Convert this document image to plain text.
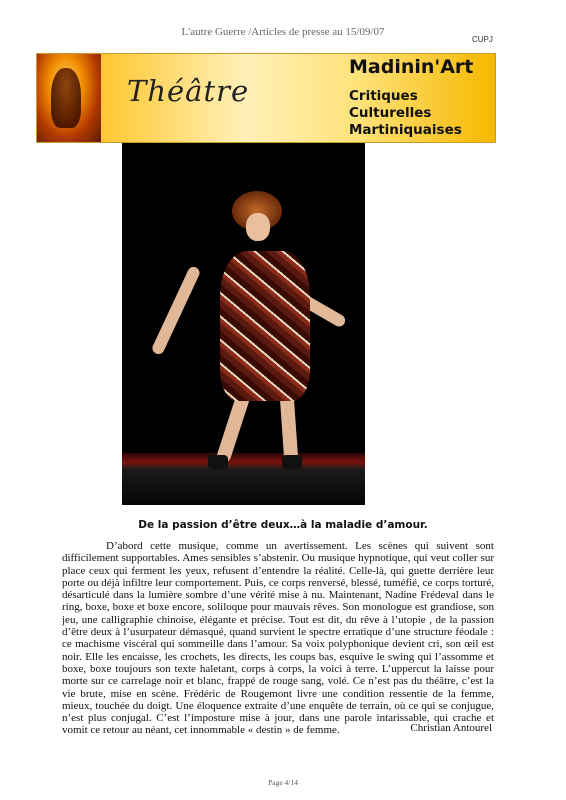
L'autre Guerre /Articles de presse au 15/09/07
CUPJ
Théâtre
Madinin'Art
Critiques
Culturelles
Martiniquaises
De la passion d’être deux…à la maladie d’amour.

D’abord cette musique, comme un avertissement. Les scènes qui suivent sont difficilement supportables. Ames sensibles s’abstenir. Ou musique hypnotique, qui veut coller sur place ceux qui ferment les yeux, refusent d’entendre la réalité. Celle-là, qui guette derrière leur porte ou déjà infiltre leur comportement. Puis, ce corps renversé, blessé, tuméfié, ce corps torturé, désarticulé dans la lumière sombre d’une vérité mise à nu. Maintenant, Nadine Frédeval dans le ring, boxe, boxe et boxe encore, soliloque pour mauvais rêves. Son monologue est grandiose, son jeu, une calligraphie chinoise, élégante et précise. Tout est dit, du rêve à l’utopie , de la passion d’être deux à l’usurpateur démasqué, quand survient le spectre erratique d’une structure féodale : ce machisme viscéral qui sommeille dans l’amour. Sa voix polyphonique devient cri, son œil est noir. Elle les encaisse, les crochets, les directs, les coups bas, esquive le swing qui l’assomme et boxe, boxe toujours son texte haletant, corps à corps, la voici à terre. L’uppercut la laisse pour morte sur ce carrelage noir et blanc, frappé de rouge sang, volé. Ce n’est pas du théâtre, c’est la vie brute, mise en scène. Frédéric de Rougemont livre une condition ressentie de la femme, mieux, touchée du doigt. Une éloquence extraite d’une enquête de terrain, où ce qui se conjugue, n’est plus conjugal. C’est l’imposture mise à jour, dans une parole intarissable, qui crache et vomit ce retour au néant, cet innommable « destin » de femme.	Christian Antourel
Page 4/14
